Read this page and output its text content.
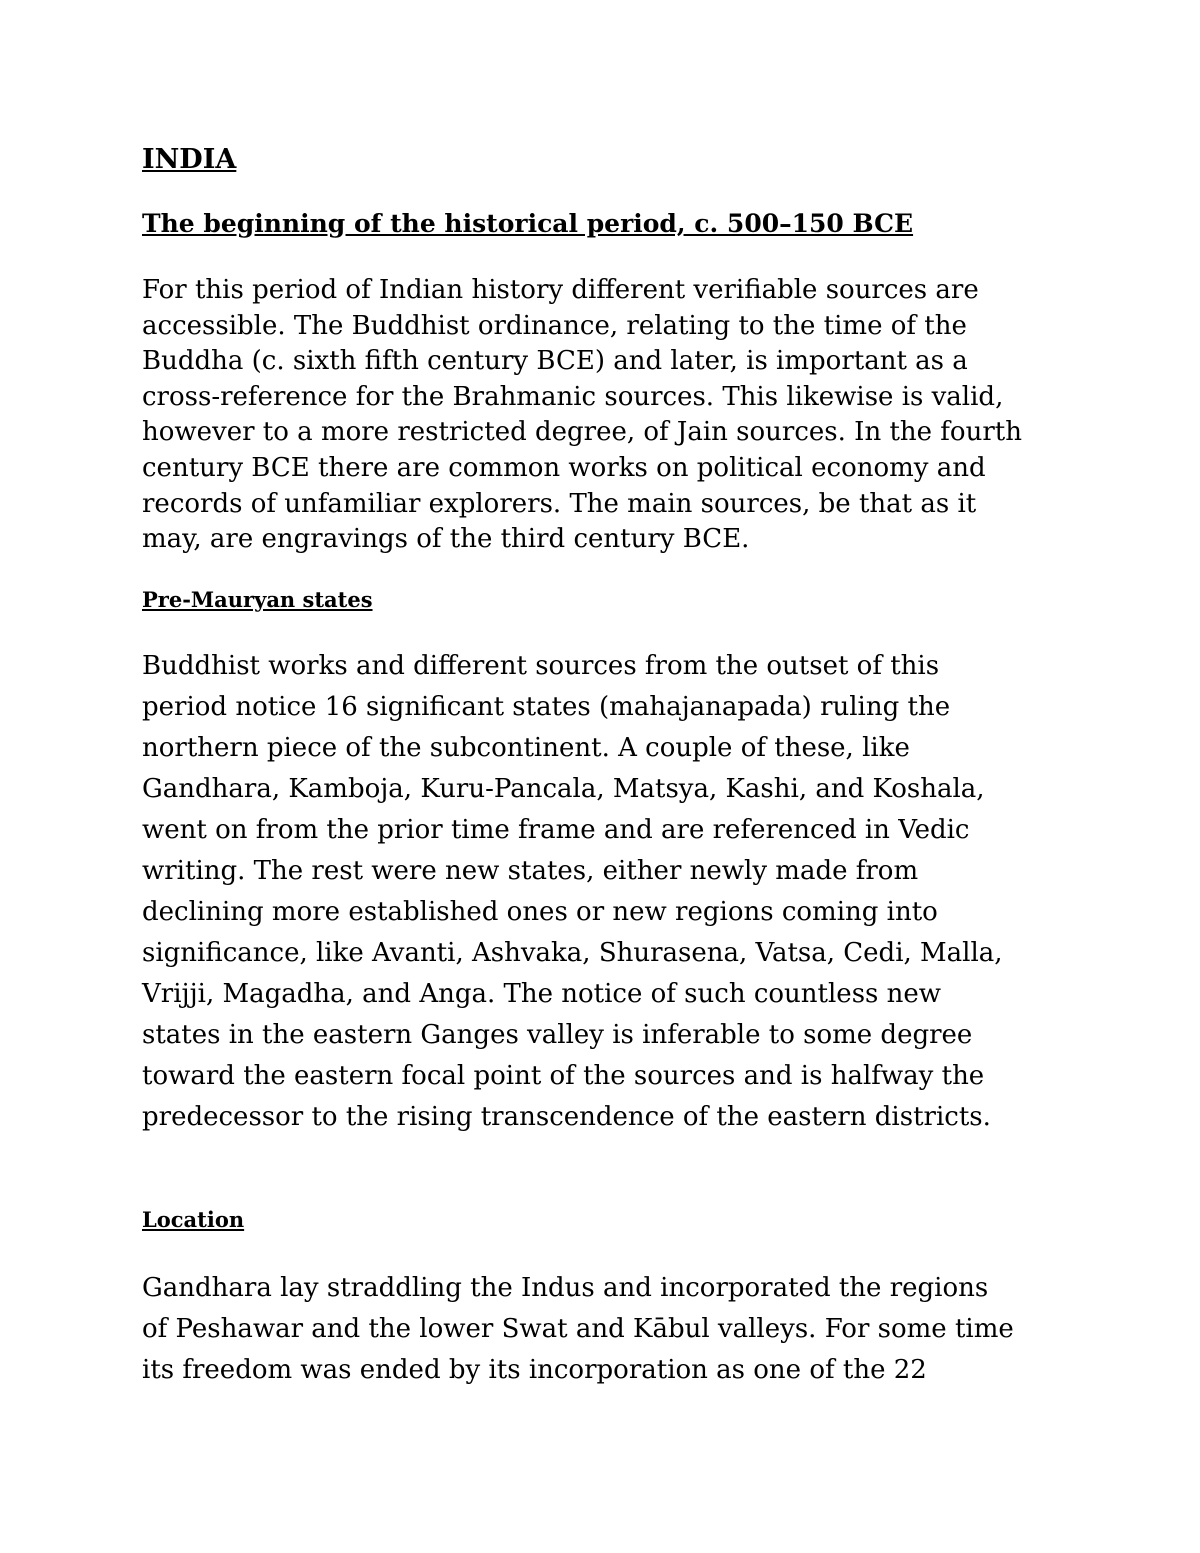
INDIA
The beginning of the historical period, c. 500–150 BCE

For this period of Indian history different verifiable sources are
accessible. The Buddhist ordinance, relating to the time of the
Buddha (c. sixth fifth century BCE) and later, is important as a
cross-reference for the Brahmanic sources. This likewise is valid,
however to a more restricted degree, of Jain sources. In the fourth
century BCE there are common works on political economy and
records of unfamiliar explorers. The main sources, be that as it
may, are engravings of the third century BCE.

Pre-Mauryan states

Buddhist works and different sources from the outset of this
period notice 16 significant states (mahajanapada) ruling the
northern piece of the subcontinent. A couple of these, like
Gandhara, Kamboja, Kuru-Pancala, Matsya, Kashi, and Koshala,
went on from the prior time frame and are referenced in Vedic
writing. The rest were new states, either newly made from
declining more established ones or new regions coming into
significance, like Avanti, Ashvaka, Shurasena, Vatsa, Cedi, Malla,
Vrijji, Magadha, and Anga. The notice of such countless new
states in the eastern Ganges valley is inferable to some degree
toward the eastern focal point of the sources and is halfway the
predecessor to the rising transcendence of the eastern districts.

Location

Gandhara lay straddling the Indus and incorporated the regions
of Peshawar and the lower Swat and Kābul valleys. For some time
its freedom was ended by its incorporation as one of the 22
